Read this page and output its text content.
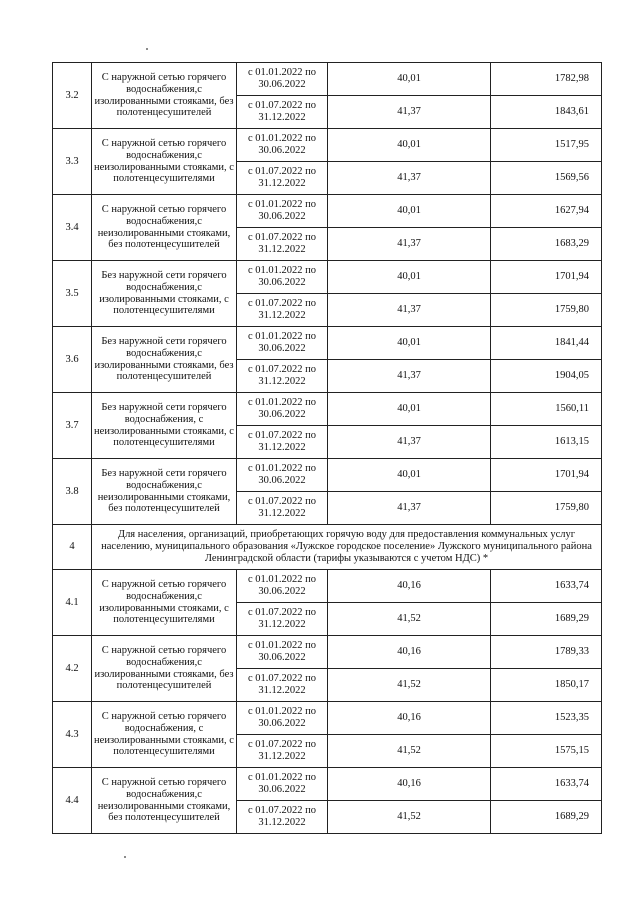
3.2	С наружной сетью горячего водоснабжения,с изолированными стояками, без полотенцесушителей	с 01.01.2022 по 30.06.2022	40,01	1782,98
		с 01.07.2022 по 31.12.2022	41,37	1843,61
3.3	С наружной сетью горячего водоснабжения,с неизолированными стояками, с полотенцесушителями	с 01.01.2022 по 30.06.2022	40,01	1517,95
		с 01.07.2022 по 31.12.2022	41,37	1569,56
3.4	С наружной сетью горячего водоснабжения,с неизолированными стояками, без полотенцесушителей	с 01.01.2022 по 30.06.2022	40,01	1627,94
		с 01.07.2022 по 31.12.2022	41,37	1683,29
3.5	Без наружной сети горячего водоснабжения,с изолированными стояками, с полотенцесушителями	с 01.01.2022 по 30.06.2022	40,01	1701,94
		с 01.07.2022 по 31.12.2022	41,37	1759,80
3.6	Без наружной сети горячего водоснабжения,с изолированными стояками, без полотенцесушителей	с 01.01.2022 по 30.06.2022	40,01	1841,44
		с 01.07.2022 по 31.12.2022	41,37	1904,05
3.7	Без наружной сети горячего водоснабжения, с неизолированными стояками, с полотенцесушителями	с 01.01.2022 по 30.06.2022	40,01	1560,11
		с 01.07.2022 по 31.12.2022	41,37	1613,15
3.8	Без наружной сети горячего водоснабжения,с неизолированными стояками, без полотенцесушителей	с 01.01.2022 по 30.06.2022	40,01	1701,94
		с 01.07.2022 по 31.12.2022	41,37	1759,80
4	Для населения, организаций, приобретающих горячую воду для предоставления коммунальных услуг населению, муниципального образования «Лужское городское поселение» Лужского муниципального района Ленинградской области (тарифы указываются с учетом НДС) *			
4.1	С наружной сетью горячего водоснабжения,с изолированными стояками, с полотенцесушителями	с 01.01.2022 по 30.06.2022	40,16	1633,74
		с 01.07.2022 по 31.12.2022	41,52	1689,29
4.2	С наружной сетью горячего водоснабжения,с изолированными стояками, без полотенцесушителей	с 01.01.2022 по 30.06.2022	40,16	1789,33
		с 01.07.2022 по 31.12.2022	41,52	1850,17
4.3	С наружной сетью горячего водоснабжения, с неизолированными стояками, с полотенцесушителями	с 01.01.2022 по 30.06.2022	40,16	1523,35
		с 01.07.2022 по 31.12.2022	41,52	1575,15
4.4	С наружной сетью горячего водоснабжения,с неизолированными стояками, без полотенцесушителей	с 01.01.2022 по 30.06.2022	40,16	1633,74
		с 01.07.2022 по 31.12.2022	41,52	1689,29
